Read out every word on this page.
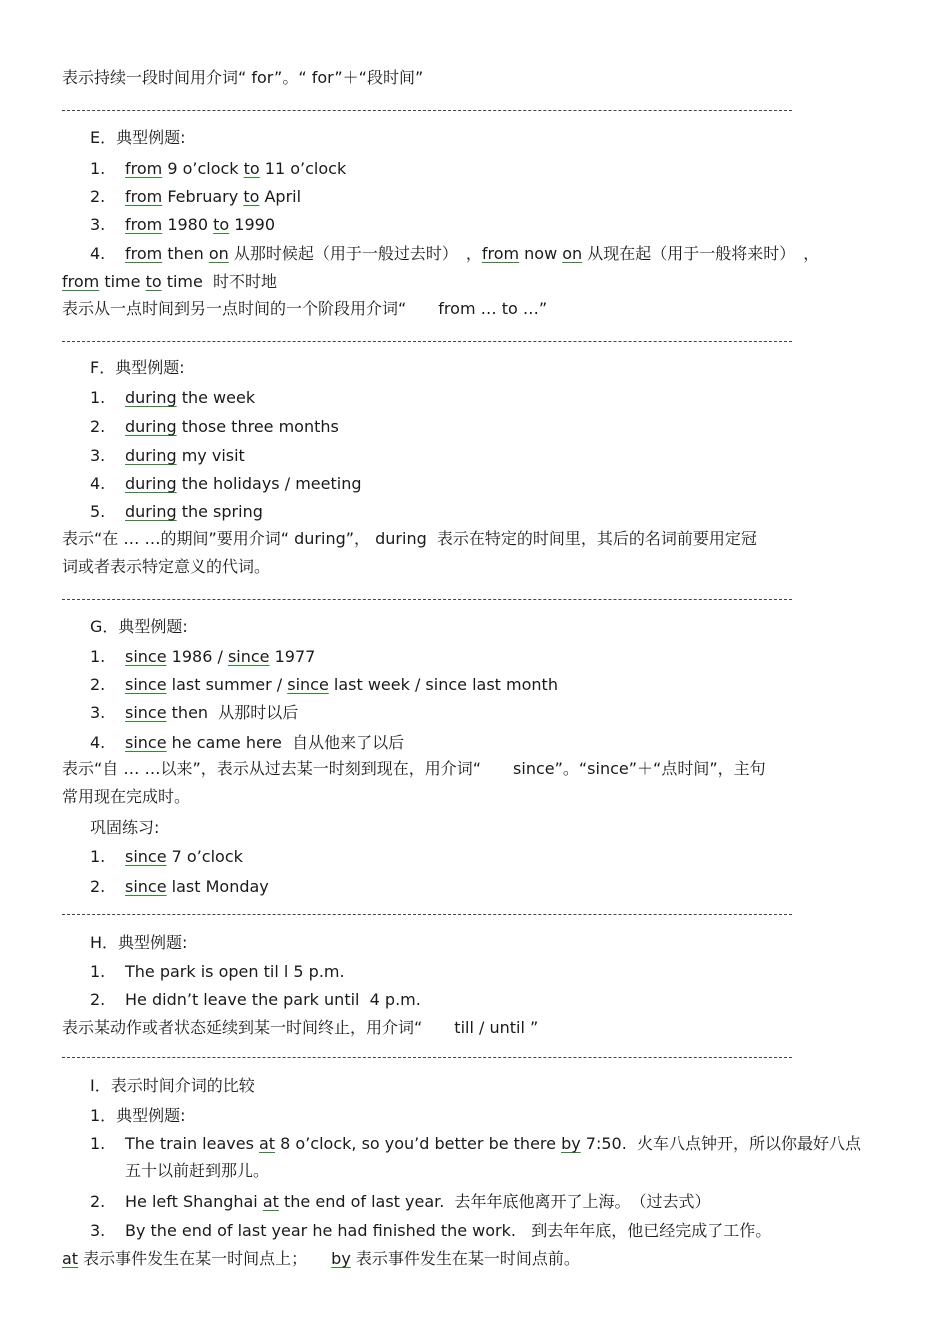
表示持续一段时间用介词“ for”。“ for”＋“段时间”
E．典型例题:
1. from 9 o’clock to 11 o’clock
2. from February to April
3. from 1980 to 1990
4. from then on 从那时候起（用于一般过去时）　，from now on 从现在起（用于一般将来时）　，
from time to time  时不时地
表示从一点时间到另一点时间的一个阶段用介词“　　from … to …”
F．典型例题:
1. during the week
2. during those three months
3. during my visit
4. during the holidays / meeting
5. during the spring
表示“在 … …的期间”要用介词“ during”， during  表示在特定的时间里，其后的名词前要用定冠
词或者表示特定意义的代词。
G．典型例题:
1. since 1986 / since 1977
2. since last summer / since last week / since last month
3. since then  从那时以后
4. since he came here  自从他来了以后
表示“自 … …以来”，表示从过去某一时刻到现在，用介词“　　since”。“since”＋“点时间”，主句
常用现在完成时。
巩固练习:
1. since 7 o’clock
2. since last Monday
H．典型例题:
1. The park is open til l 5 p.m.
2. He didn’t leave the park until  4 p.m.
表示某动作或者状态延续到某一时间终止，用介词“　　till / until ”
I．表示时间介词的比较
1．典型例题:
1. The train leaves at 8 o’clock, so you’d better be there by 7:50.  火车八点钟开，所以你最好八点
五十以前赶到那儿。
2. He left Shanghai at the end of last year.  去年年底他离开了上海。　（过去式）
3. By the end of last year he had finished the work.   到去年年底，他已经完成了工作。
at 表示事件发生在某一时间点上；　　by 表示事件发生在某一时间点前。
